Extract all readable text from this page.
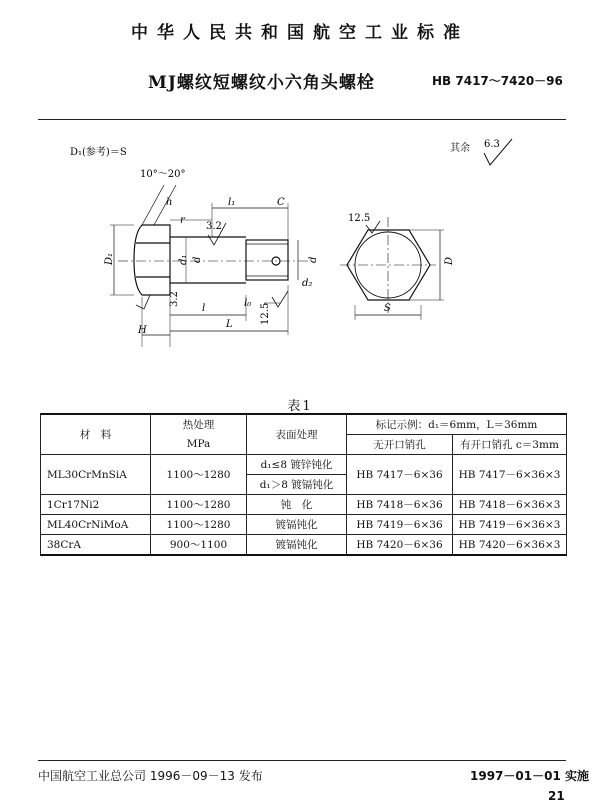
中华人民共和国航空工业标准
MJ螺纹短螺纹小六角头螺栓	HB 7417～7420－96
D₁(参考)＝S
10°～20°
其余 6.3
r
h	l₁	C
3.2
3.2
12.5
12.5
D₁	d₁ d	d
d₂
l₀
l
H
L
D
S
表1
材　料	热处理	表面处理	标记示例：d₁＝6mm，L＝36mm	
	MPa		无开口销孔	有开口销孔 c＝3mm
ML30CrMnSiA	1100～1280	d₁≤8 镀锌钝化	HB 7417－6×36	HB 7417－6×36×3
		d₁＞8 镀镉钝化		
1Cr17Ni2	1100～1280	钝　化	HB 7418－6×36	HB 7418－6×36×3
ML40CrNiMoA	1100～1280	镀镉钝化	HB 7419－6×36	HB 7419－6×36×3
38CrA	900～1100	镀镉钝化	HB 7420－6×36	HB 7420－6×36×3
中国航空工业总公司 1996－09－13 发布	1997－01－01 实施
21
